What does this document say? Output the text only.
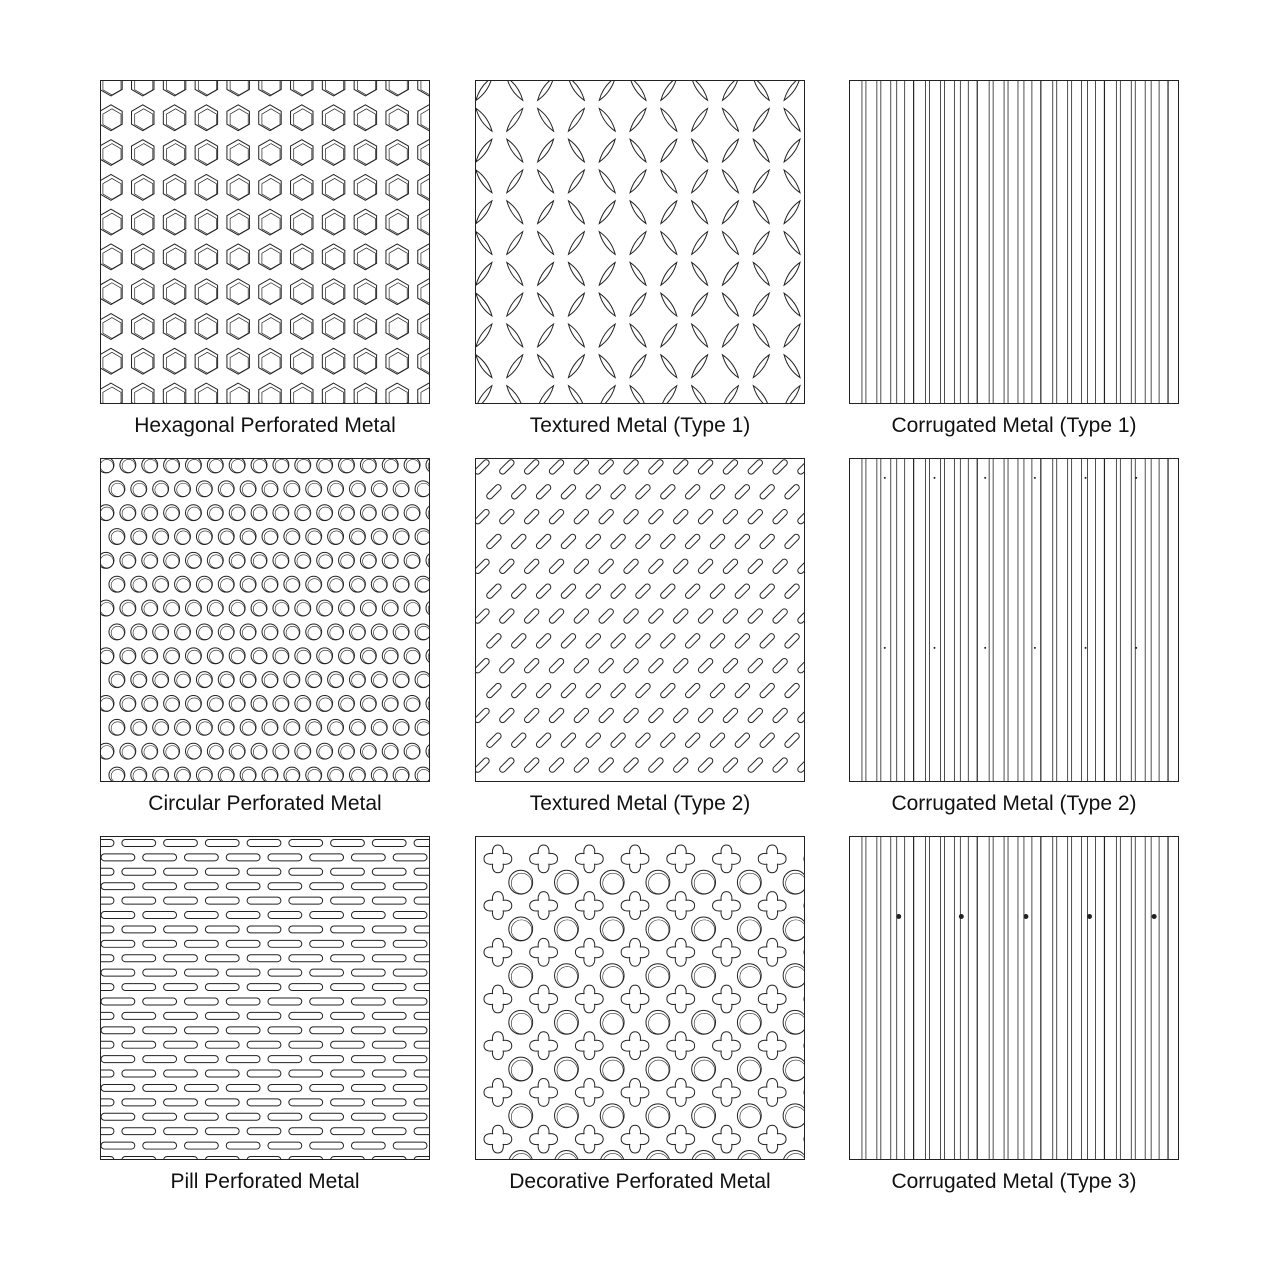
Hexagonal Perforated Metal	Textured Metal (Type 1)	Corrugated Metal (Type 1)
Circular Perforated Metal	Textured Metal (Type 2)	Corrugated Metal (Type 2)
Pill Perforated Metal	Decorative Perforated Metal	Corrugated Metal (Type 3)
